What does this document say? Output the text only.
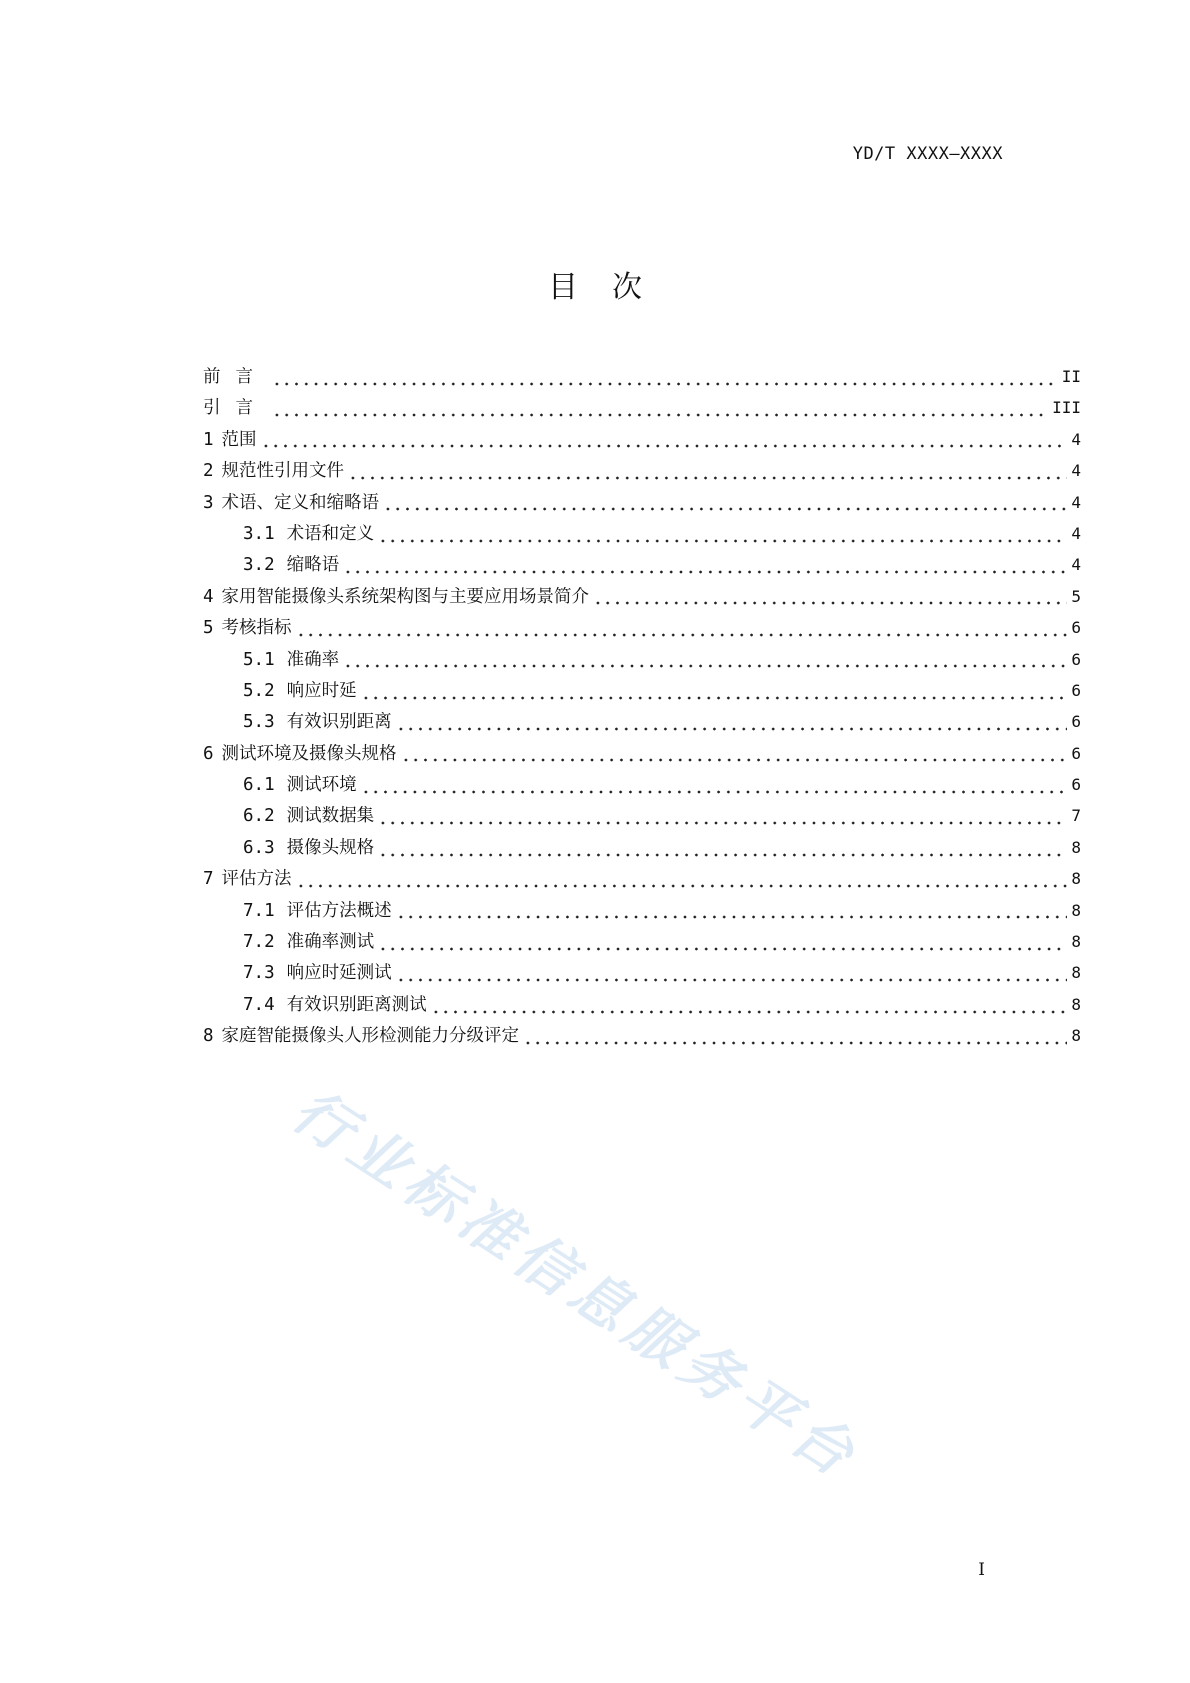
YD/T XXXX—XXXX
目次
前言	II
引言	III
1 范围	4
2 规范性引用文件	4
3 术语、定义和缩略语	4
3.1 术语和定义	4
3.2 缩略语	4
4 家用智能摄像头系统架构图与主要应用场景简介	5
5 考核指标	6
5.1 准确率	6
5.2 响应时延	6
5.3 有效识别距离	6
6 测试环境及摄像头规格	6
6.1 测试环境	6
6.2 测试数据集	7
6.3 摄像头规格	8
7 评估方法	8
7.1 评估方法概述	8
7.2 准确率测试	8
7.3 响应时延测试	8
7.4 有效识别距离测试	8
8 家庭智能摄像头人形检测能力分级评定	8
行业标准信息服务平台
I
